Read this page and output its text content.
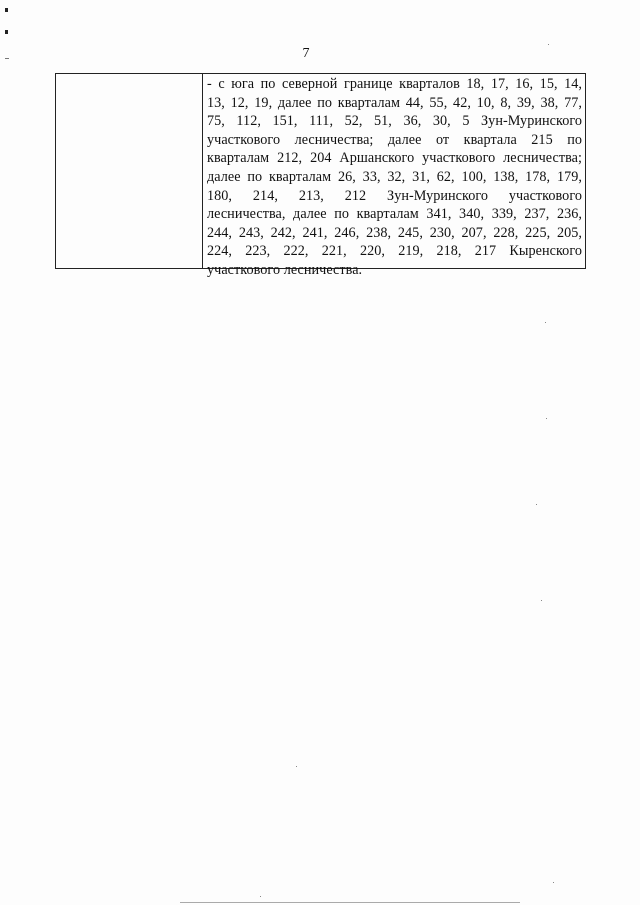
7
- с юга по северной границе кварталов 18, 17, 16, 15, 14,
13, 12, 19, далее по кварталам 44, 55, 42, 10, 8, 39, 38, 77,
75, 112, 151, 111, 52, 51, 36, 30, 5 Зун-Муринского
участкового лесничества; далее от квартала 215 по
кварталам 212, 204 Аршанского участкового лесничества;
далее по кварталам 26, 33, 32, 31, 62, 100, 138, 178, 179,
180, 214, 213, 212 Зун-Муринского участкового
лесничества, далее по кварталам 341, 340, 339, 237, 236,
244, 243, 242, 241, 246, 238, 245, 230, 207, 228, 225, 205,
224, 223, 222, 221, 220, 219, 218, 217 Кыренского
участкового лесничества.
